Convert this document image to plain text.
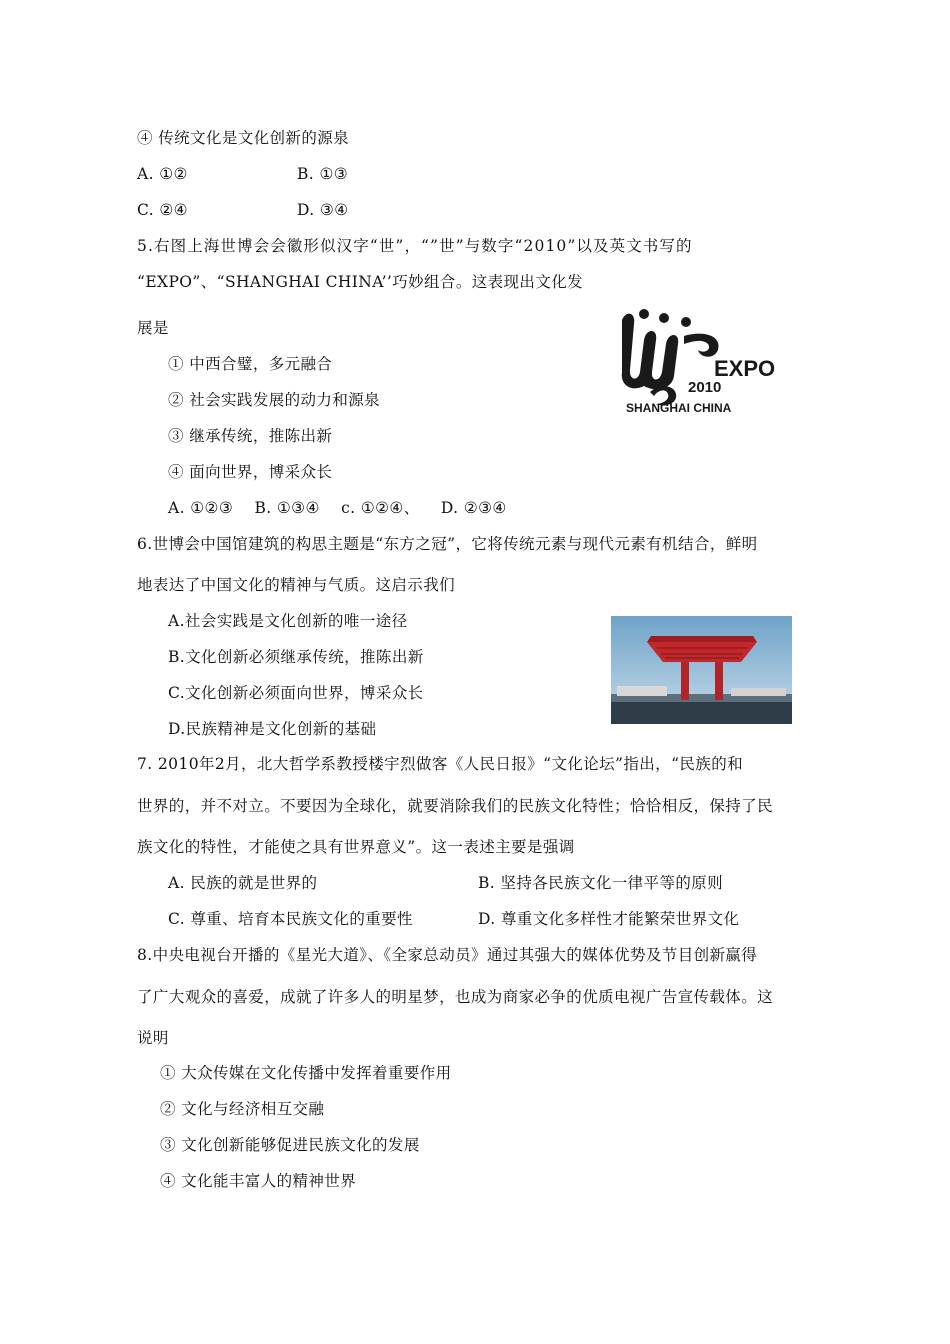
④ 传统文化是文化创新的源泉
A. ①②	B. ①③
C. ②④	D. ③④
5.右图上海世博会会徽形似汉字“世”，“”世”与数字“2010”以及英文书写的
“EXPO”、“SHANGHAI CHINA’’巧妙组合。这表现出文化发
展是
① 中西合璧，多元融合
② 社会实践发展的动力和源泉
③ 继承传统，推陈出新
④ 面向世界，博采众长
A. ①②③    B. ①③④    c. ①②④、    D. ②③④
EXPO
2010
SHANGHAI CHINA
6.世博会中国馆建筑的构思主题是“东方之冠”，它将传统元素与现代元素有机结合，鲜明
地表达了中国文化的精神与气质。这启示我们
A.社会实践是文化创新的唯一途径
B.文化创新必须继承传统，推陈出新
C.文化创新必须面向世界，博采众长
D.民族精神是文化创新的基础
7. 2010年2月，北大哲学系教授楼宇烈做客《人民日报》“文化论坛”指出，“民族的和
世界的，并不对立。不要因为全球化，就要消除我们的民族文化特性；恰恰相反，保持了民
族文化的特性，才能使之具有世界意义”。这一表述主要是强调
A. 民族的就是世界的	B. 坚持各民族文化一律平等的原则
C. 尊重、培育本民族文化的重要性	D. 尊重文化多样性才能繁荣世界文化
8.中央电视台开播的《星光大道》、《全家总动员》通过其强大的媒体优势及节目创新赢得
了广大观众的喜爱，成就了许多人的明星梦，也成为商家必争的优质电视广告宣传载体。这
说明
① 大众传媒在文化传播中发挥着重要作用
② 文化与经济相互交融
③ 文化创新能够促进民族文化的发展
④ 文化能丰富人的精神世界
